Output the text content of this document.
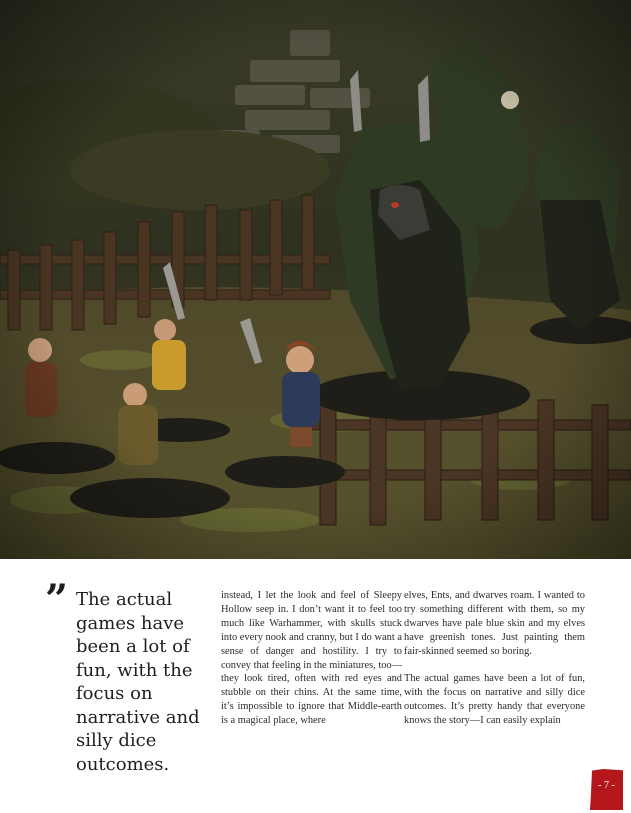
” The actual games have been a lot of fun, with the focus on narrative and silly dice outcomes.

instead, I let the look and feel of Sleepy Hollow seep in. I don’t want it to feel too much like Warhammer, with skulls stuck into every nook and cranny, but I do want a sense of danger and hostility. I try to convey that feeling in the miniatures, too—they look tired, often with red eyes and stubble on their chins. At the same time, it’s impossible to ignore that Middle-earth is a magical place, where

elves, Ents, and dwarves roam. I wanted to try something different with them, so my dwarves have pale blue skin and my elves have greenish tones. Just painting them fair-skinned seemed so boring.

The actual games have been a lot of fun, with the focus on narrative and silly dice outcomes. It’s pretty handy that everyone knows the story—I can easily explain

- 7 -
